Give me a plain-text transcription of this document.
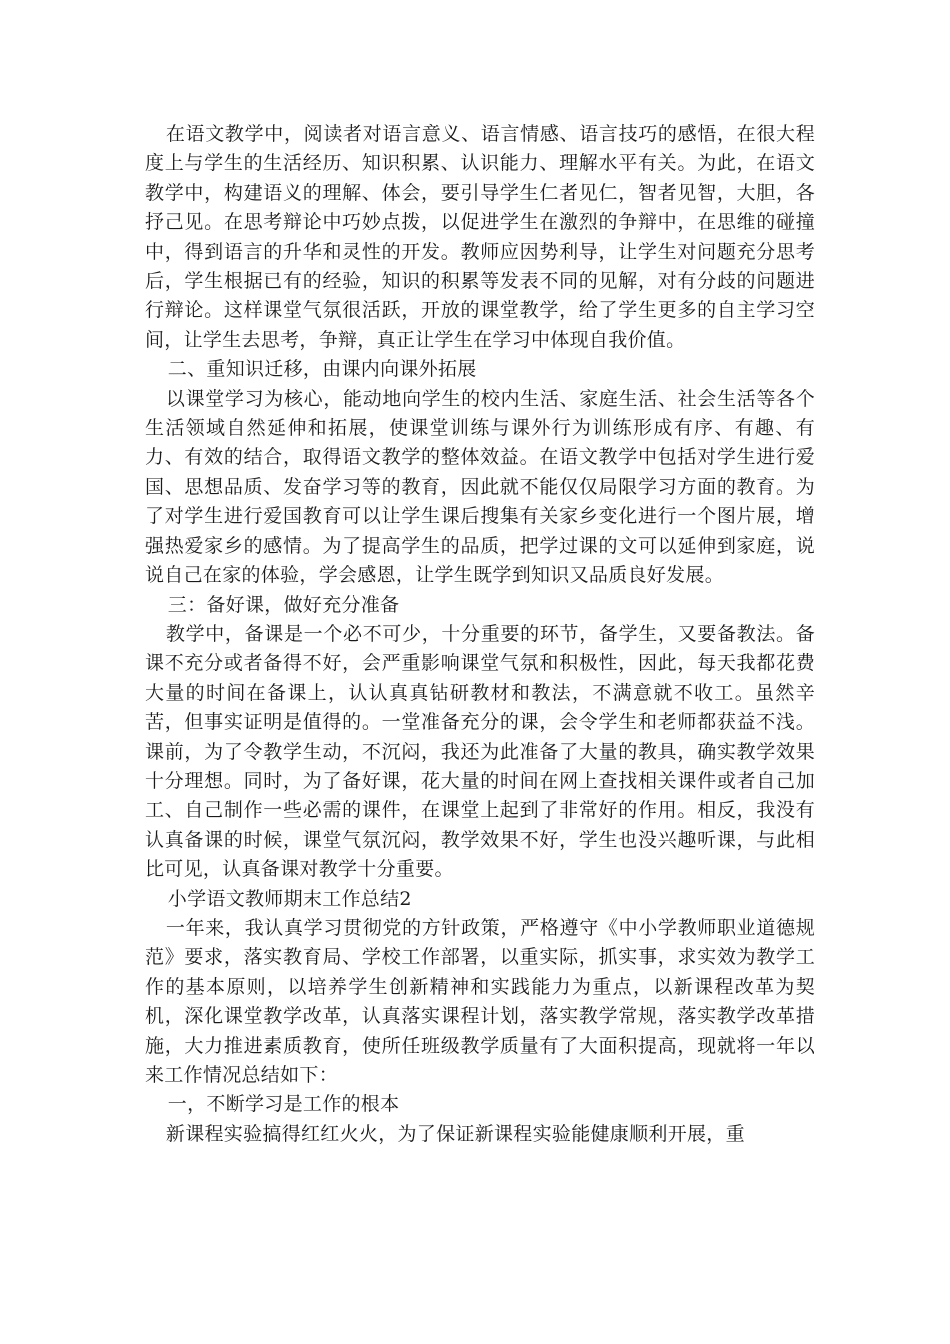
在语文教学中，阅读者对语言意义、语言情感、语言技巧的感悟，在很大程度上与学生的生活经历、知识积累、认识能力、理解水平有关。为此，在语文教学中，构建语义的理解、体会，要引导学生仁者见仁，智者见智，大胆，各抒己见。在思考辩论中巧妙点拨，以促进学生在激烈的争辩中，在思维的碰撞中，得到语言的升华和灵性的开发。教师应因势利导，让学生对问题充分思考后，学生根据已有的经验，知识的积累等发表不同的见解，对有分歧的问题进行辩论。这样课堂气氛很活跃，开放的课堂教学，给了学生更多的自主学习空间，让学生去思考，争辩，真正让学生在学习中体现自我价值。

二、重知识迁移，由课内向课外拓展

以课堂学习为核心，能动地向学生的校内生活、家庭生活、社会生活等各个生活领域自然延伸和拓展，使课堂训练与课外行为训练形成有序、有趣、有力、有效的结合，取得语文教学的整体效益。在语文教学中包括对学生进行爱国、思想品质、发奋学习等的教育，因此就不能仅仅局限学习方面的教育。为了对学生进行爱国教育可以让学生课后搜集有关家乡变化进行一个图片展，增强热爱家乡的感情。为了提高学生的品质，把学过课的文可以延伸到家庭，说说自己在家的体验，学会感恩，让学生既学到知识又品质良好发展。

三：备好课，做好充分准备

教学中，备课是一个必不可少，十分重要的环节，备学生，又要备教法。备课不充分或者备得不好，会严重影响课堂气氛和积极性，因此，每天我都花费大量的时间在备课上，认认真真钻研教材和教法，不满意就不收工。虽然辛苦，但事实证明是值得的。一堂准备充分的课，会令学生和老师都获益不浅。课前，为了令教学生动，不沉闷，我还为此准备了大量的教具，确实教学效果十分理想。同时，为了备好课，花大量的时间在网上查找相关课件或者自己加工、自己制作一些必需的课件，在课堂上起到了非常好的作用。相反，我没有认真备课的时候，课堂气氛沉闷，教学效果不好，学生也没兴趣听课，与此相比可见，认真备课对教学十分重要。

小学语文教师期末工作总结2

一年来，我认真学习贯彻党的方针政策，严格遵守《中小学教师职业道德规范》要求，落实教育局、学校工作部署，以重实际，抓实事，求实效为教学工作的基本原则，以培养学生创新精神和实践能力为重点，以新课程改革为契机，深化课堂教学改革，认真落实课程计划，落实教学常规，落实教学改革措施，大力推进素质教育，使所任班级教学质量有了大面积提高，现就将一年以来工作情况总结如下：

一，不断学习是工作的根本

新课程实验搞得红红火火，为了保证新课程实验能健康顺利开展，重
